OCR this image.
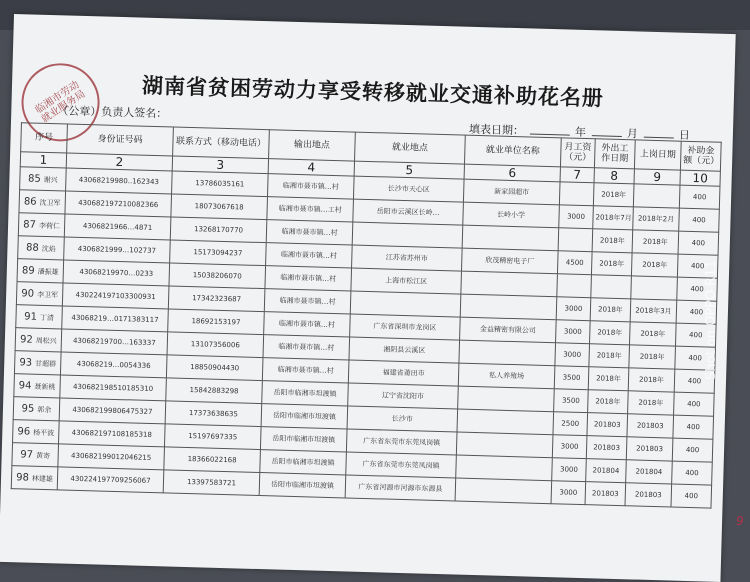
湖南省贫困劳动力享受转移就业交通补助花名册
临湘市劳动就业服务局
（公章）负责人签名：
填表日期：	年	月	日
序号	身份证号码	联系方式（移动电话）	输出地点	就业地点	就业单位名称	月工资（元）	外出工作日期	上岗日期	补助金额（元）
1	2	3	4	5	6	7	8	9	10
85 谢兴	43068219980..162343	13786035161	临湘市聂市镇…村	长沙市天心区	新家园超市		2018年		400
86 沈卫军	430682197210082366	18073067618	临湘市聂市镇…工村	岳阳市云溪区长岭…	长岭小学	3000	2018年7月	2018年2月	400
87 李荷仁	4306821966…4871	13268170770	临湘市聂市镇…村				2018年	2018年	400
88 沈焰	4306821999…102737	15173094237	临湘市聂市镇…村	江苏省苏州市	欣茂精密电子厂	4500	2018年	2018年	400
89 潘振雄	43068219970…0233	15038206070	临湘市聂市镇…村	上海市松江区					400
90 李卫军	430224197103300931	17342323687	临湘市聂市镇…村			3000	2018年	2018年3月	400
91 丁清	43068219…0171383117	18692153197	临湘市聂市镇…村	广东省深圳市龙岗区	金益精密有限公司	3000	2018年	2018年	400
92 周松兴	43068219700…163337	13107356006	临湘市聂市镇…村	湘阴县云溪区		3000	2018年	2018年	400
93 甘超群	43068219…0054336	18850904430	临湘市聂市镇…村	福建省莆田市	私人养殖场	3500	2018年	2018年	400
94 聂新桃	430682198510185310	15842883298	岳阳市临湘市坦渡镇	辽宁省沈阳市		3500	2018年	2018年	400
95 郭余	430682199806475327	17373638635	岳阳市临湘市坦渡镇	长沙市		2500	201803	201803	400
96 杨平波	430682197108185318	15197697335	岳阳市临湘市坦渡镇	广东省东莞市东莞凤岗镇		3000	201803	201803	400
97 黄寄	430682199012046215	18366022168	岳阳市临湘市坦渡镇	广东省东莞市东莞凤岗镇		3000	201804	201804	400
98 林建雄	430224197709256067	13397583721	岳阳市临湘市坦渡镇	广东省河源市河源市东源县		3000	201803	201803	400
Shot on OPPO R11
9
